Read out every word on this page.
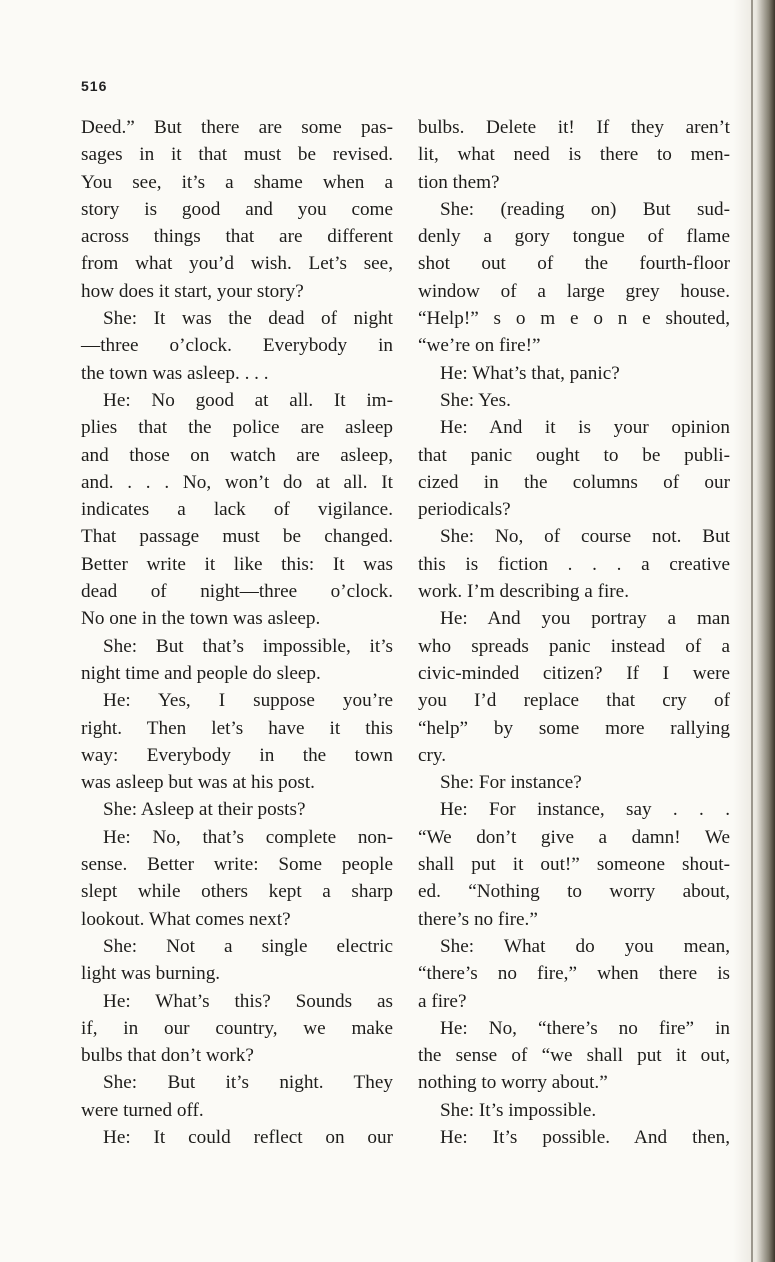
516
Deed.” But there are some pas-
sages in it that must be revised.
You see, it’s a shame when a
story is good and you come
across things that are different
from what you’d wish. Let’s see,
how does it start, your story?
She: It was the dead of night
—three o’clock. Everybody in
the town was asleep. . . .
He: No good at all. It im-
plies that the police are asleep
and those on watch are asleep,
and. . . . No, won’t do at all. It
indicates a lack of vigilance.
That passage must be changed.
Better write it like this: It was
dead of night—three o’clock.
No one in the town was asleep.
She: But that’s impossible, it’s
night time and people do sleep.
He: Yes, I suppose you’re
right. Then let’s have it this
way: Everybody in the town
was asleep but was at his post.
She: Asleep at their posts?
He: No, that’s complete non-
sense. Better write: Some people
slept while others kept a sharp
lookout. What comes next?
She: Not a single electric
light was burning.
He: What’s this? Sounds as
if, in our country, we make
bulbs that don’t work?
She: But it’s night. They
were turned off.
He: It could reflect on our
bulbs. Delete it! If they aren’t
lit, what need is there to men-
tion them?
She: (reading on) But sud-
denly a gory tongue of flame
shot out of the fourth-floor
window of a large grey house.
“Help!” s o m e o n e shouted,
“we’re on fire!”
He: What’s that, panic?
She: Yes.
He: And it is your opinion
that panic ought to be publi-
cized in the columns of our
periodicals?
She: No, of course not. But
this is fiction . . . a creative
work. I’m describing a fire.
He: And you portray a man
who spreads panic instead of a
civic-minded citizen? If I were
you I’d replace that cry of
“help” by some more rallying
cry.
She: For instance?
He: For instance, say . . .
“We don’t give a damn! We
shall put it out!” someone shout-
ed. “Nothing to worry about,
there’s no fire.”
She: What do you mean,
“there’s no fire,” when there is
a fire?
He: No, “there’s no fire” in
the sense of “we shall put it out,
nothing to worry about.”
She: It’s impossible.
He: It’s possible. And then,
